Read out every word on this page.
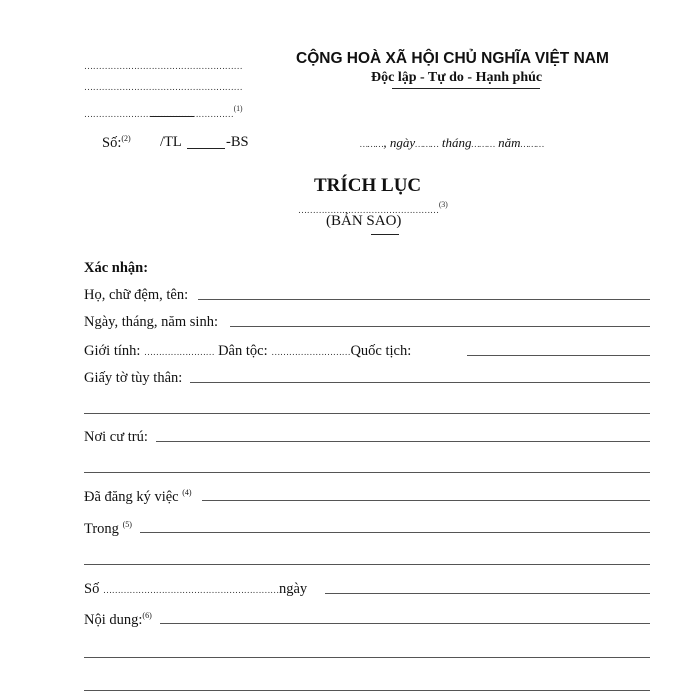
………………………………………………
………………………………………………
……………………………………………$^{(1)}$
Số:$^{(2)}$ /TL	-BS	………, ngày……… tháng……… năm………
CỘNG HOÀ XÃ HỘI CHỦ NGHĨA VIỆT NAM
Độc lập - Tự do - Hạnh phúc
TRÍCH LỤC
…………………………………………$^{(3)}$
(BẢN SAO)
Xác nhận:
Họ, chữ đệm, tên:
Ngày, tháng, năm sinh:
Giới tính: …………………… Dân tộc: ………………………Quốc tịch:
Giấy tờ tùy thân:
Nơi cư trú:
Đã đăng ký việc $^{(4)}$
Trong $^{(5)}$
Số ……………………………………………………ngày
Nội dung:$^{(6)}$
